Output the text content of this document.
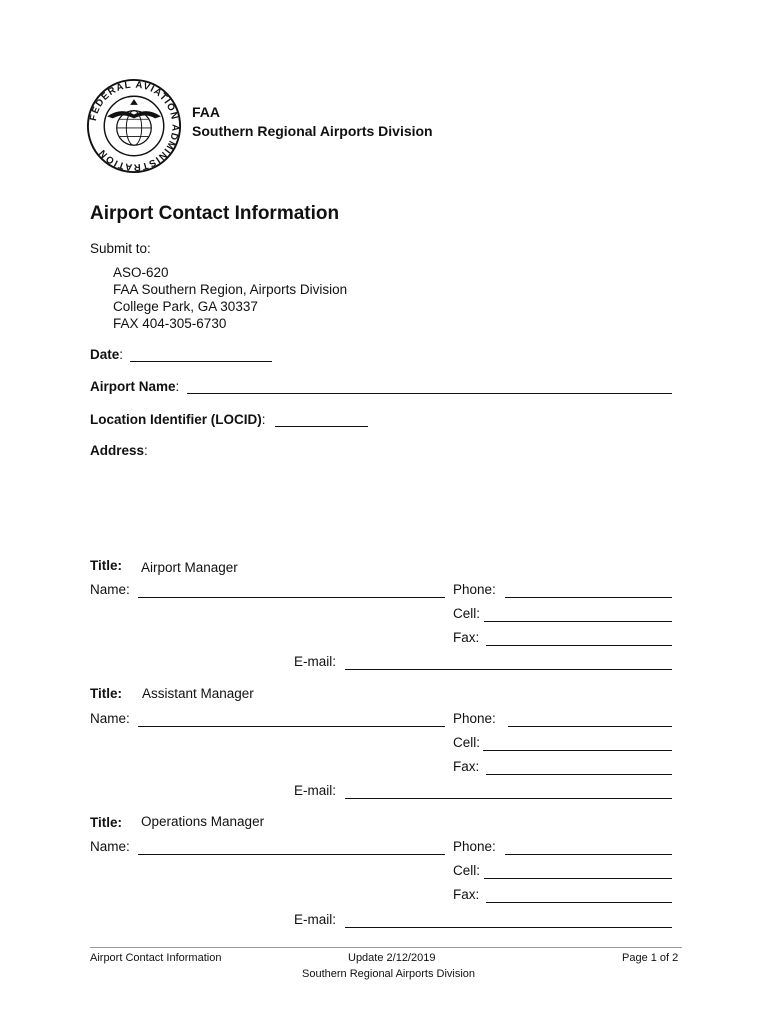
FEDERAL AVIATION ADMINISTRATION
FAA
Southern Regional Airports Division
Airport Contact Information
Submit to:
ASO-620
FAA Southern Region, Airports Division
College Park, GA 30337
FAX 404-305-6730
Date:
Airport Name:
Location Identifier (LOCID):
Address:
Title: Airport Manager
Name:	Phone:
Cell:
Fax:
E-mail:
Title: Assistant Manager
Name:	Phone:
Cell:
Fax:
E-mail:
Title: Operations Manager
Name:	Phone:
Cell:
Fax:
E-mail:
Airport Contact Information	Update 2/12/2019	Page 1 of 2
Southern Regional Airports Division
